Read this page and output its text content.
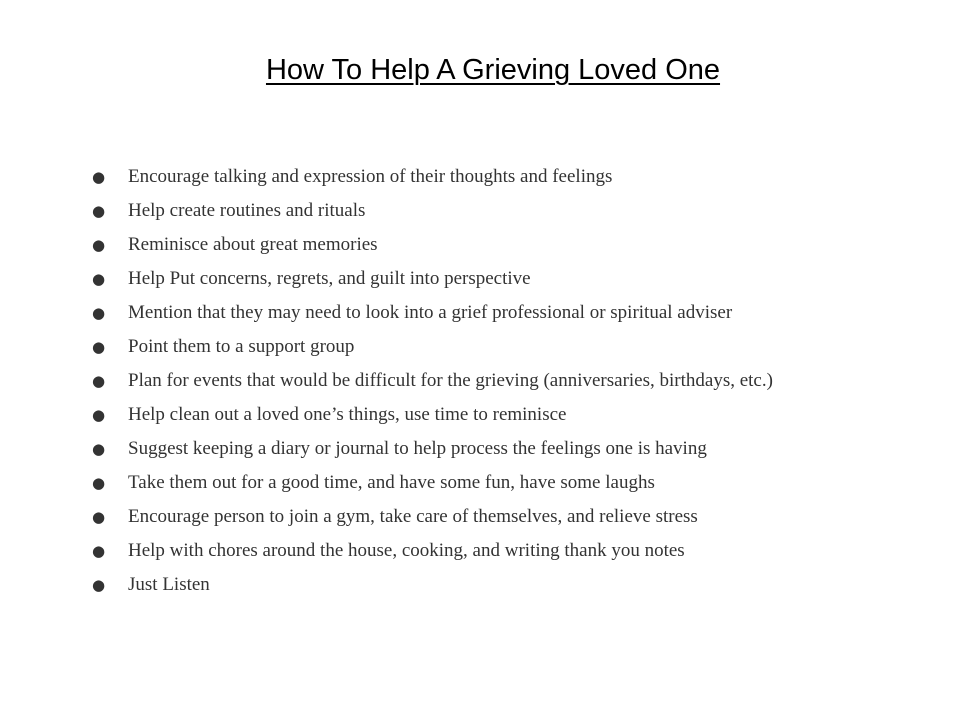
How To Help A Grieving Loved One
● Encourage talking and expression of their thoughts and feelings
● Help create routines and rituals
● Reminisce about great memories
● Help Put concerns, regrets, and guilt into perspective
● Mention that they may need to look into a grief professional or spiritual adviser
● Point them to a support group
● Plan for events that would be difficult for the grieving (anniversaries, birthdays, etc.)
● Help clean out a loved one’s things, use time to reminisce
● Suggest keeping a diary or journal to help process the feelings one is having
● Take them out for a good time, and have some fun, have some laughs
● Encourage person to join a gym, take care of themselves, and relieve stress
● Help with chores around the house, cooking, and writing thank you notes
● Just Listen
